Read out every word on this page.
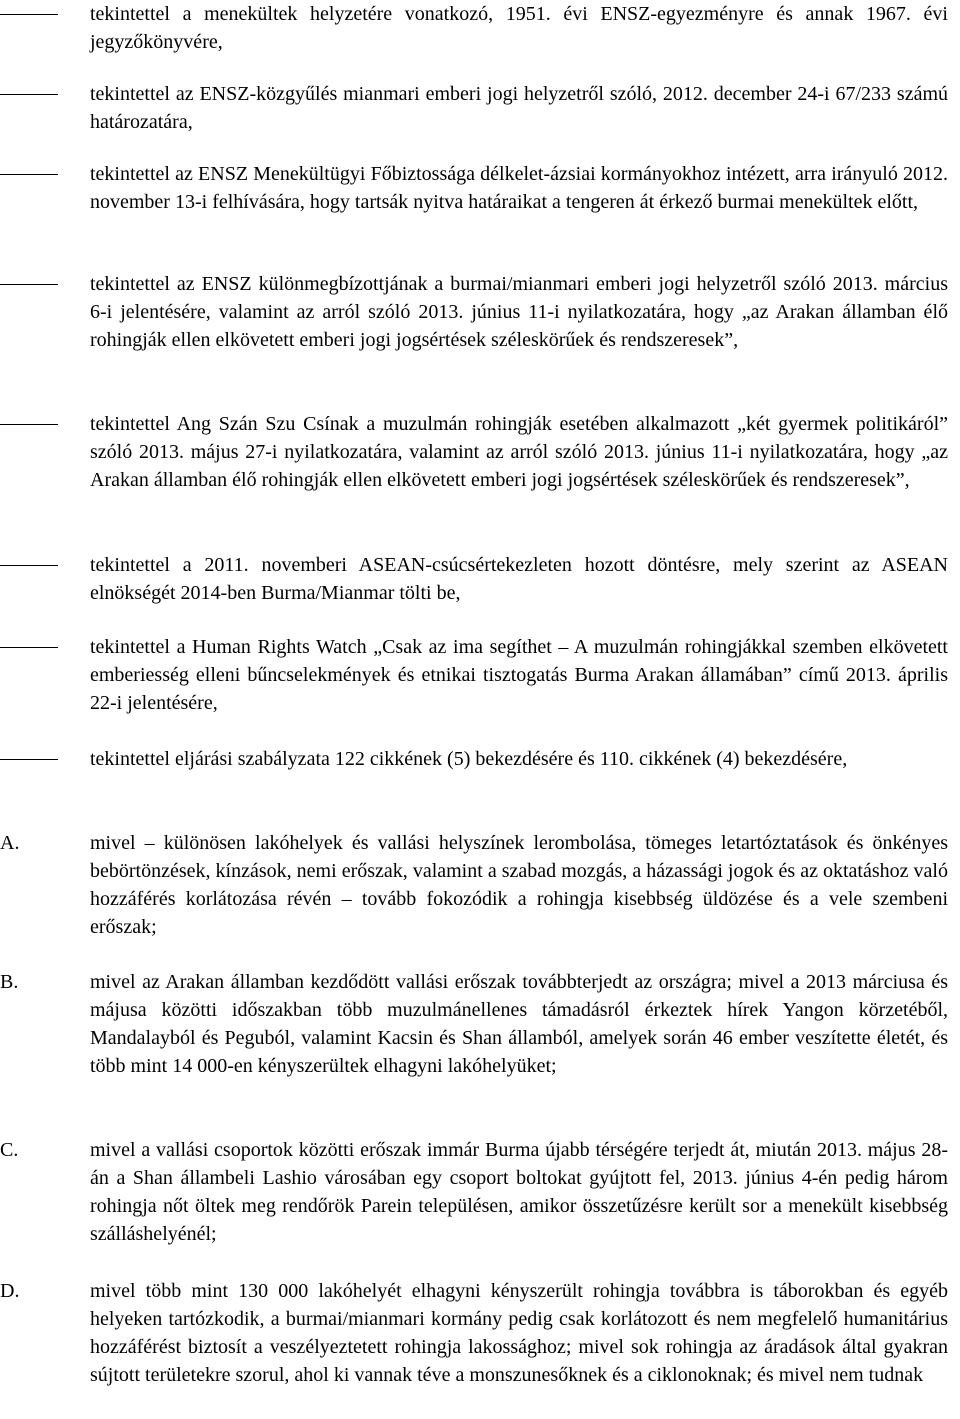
tekintettel a menekültek helyzetére vonatkozó, 1951. évi ENSZ-egyezményre és annak 1967. évi jegyzőkönyvére,
tekintettel az ENSZ-közgyűlés mianmari emberi jogi helyzetről szóló, 2012. december 24-i 67/233 számú határozatára,
tekintettel az ENSZ Menekültügyi Főbiztossága délkelet-ázsiai kormányokhoz intézett, arra irányuló 2012. november 13-i felhívására, hogy tartsák nyitva határaikat a tengeren át érkező burmai menekültek előtt,
tekintettel az ENSZ különmegbízottjának a burmai/mianmari emberi jogi helyzetről szóló 2013. március 6-i jelentésére, valamint az arról szóló 2013. június 11-i nyilatkozatára, hogy „az Arakan államban élő rohingják ellen elkövetett emberi jogi jogsértések széleskörűek és rendszeresek”,
tekintettel Ang Szán Szu Csínak a muzulmán rohingják esetében alkalmazott „két gyermek politikáról” szóló 2013. május 27-i nyilatkozatára, valamint az arról szóló 2013. június 11-i nyilatkozatára, hogy „az Arakan államban élő rohingják ellen elkövetett emberi jogi jogsértések széleskörűek és rendszeresek”,
tekintettel a 2011. novemberi ASEAN-csúcsértekezleten hozott döntésre, mely szerint az ASEAN elnökségét 2014-ben Burma/Mianmar tölti be,
tekintettel a Human Rights Watch „Csak az ima segíthet – A muzulmán rohingjákkal szemben elkövetett emberiesség elleni bűncselekmények és etnikai tisztogatás Burma Arakan államában” című 2013. április 22-i jelentésére,
tekintettel eljárási szabályzata 122 cikkének (5) bekezdésére és 110. cikkének (4) bekezdésére,
A.	mivel – különösen lakóhelyek és vallási helyszínek lerombolása, tömeges letartóztatások és önkényes bebörtönzések, kínzások, nemi erőszak, valamint a szabad mozgás, a házassági jogok és az oktatáshoz való hozzáférés korlátozása révén – tovább fokozódik a rohingja kisebbség üldözése és a vele szembeni erőszak;
B.	mivel az Arakan államban kezdődött vallási erőszak továbbterjedt az országra; mivel a 2013 márciusa és májusa közötti időszakban több muzulmánellenes támadásról érkeztek hírek Yangon körzetéből, Mandalayból és Peguból, valamint Kacsin és Shan államból, amelyek során 46 ember veszítette életét, és több mint 14 000-en kényszerültek elhagyni lakóhelyüket;
C.	mivel a vallási csoportok közötti erőszak immár Burma újabb térségére terjedt át, miután 2013. május 28-án a Shan állambeli Lashio városában egy csoport boltokat gyújtott fel, 2013. június 4-én pedig három rohingja nőt öltek meg rendőrök Parein településen, amikor összetűzésre került sor a menekült kisebbség szálláshelyénél;
D.	mivel több mint 130 000 lakóhelyét elhagyni kényszerült rohingja továbbra is táborokban és egyéb helyeken tartózkodik, a burmai/mianmari kormány pedig csak korlátozott és nem megfelelő humanitárius hozzáférést biztosít a veszélyeztetett rohingja lakossághoz; mivel sok rohingja az áradások által gyakran sújtott területekre szorul, ahol ki vannak téve a monszunesőknek és a ciklonoknak; és mivel nem tudnak
